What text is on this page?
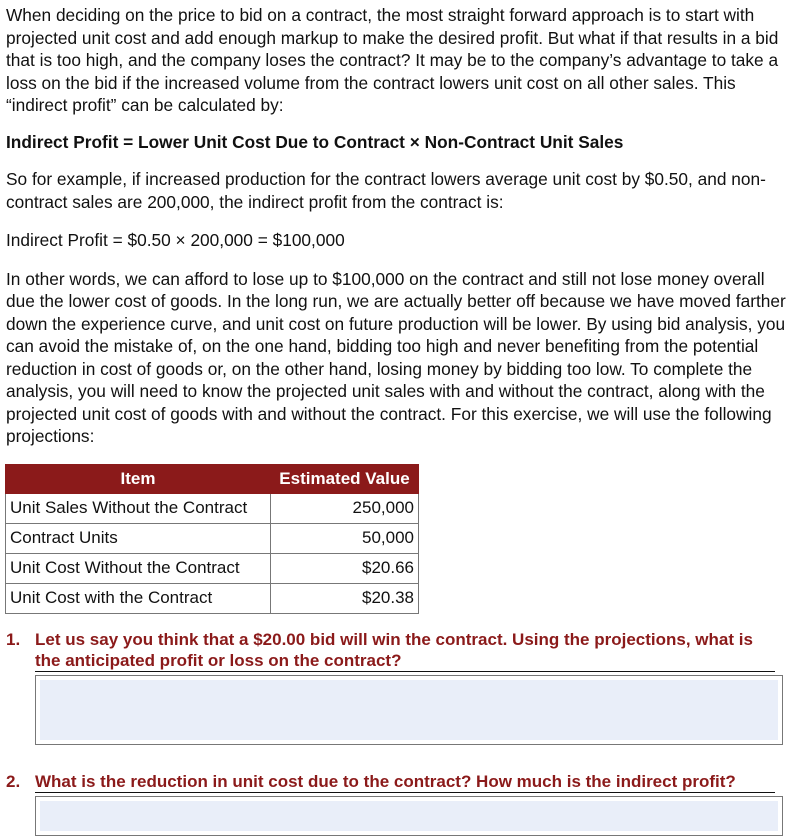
When deciding on the price to bid on a contract, the most straight forward approach is to start with projected unit cost and add enough markup to make the desired profit. But what if that results in a bid that is too high, and the company loses the contract? It may be to the company’s advantage to take a loss on the bid if the increased volume from the contract lowers unit cost on all other sales. This “indirect profit” can be calculated by:

Indirect Profit = Lower Unit Cost Due to Contract × Non-Contract Unit Sales

So for example, if increased production for the contract lowers average unit cost by $0.50, and non-contract sales are 200,000, the indirect profit from the contract is:

Indirect Profit = $0.50 × 200,000 = $100,000

In other words, we can afford to lose up to $100,000 on the contract and still not lose money overall due the lower cost of goods. In the long run, we are actually better off because we have moved farther down the experience curve, and unit cost on future production will be lower. By using bid analysis, you can avoid the mistake of, on the one hand, bidding too high and never benefiting from the potential reduction in cost of goods or, on the other hand, losing money by bidding too low. To complete the analysis, you will need to know the projected unit sales with and without the contract, along with the projected unit cost of goods with and without the contract. For this exercise, we will use the following projections:

Item	Estimated Value
Unit Sales Without the Contract	250,000
Contract Units	50,000
Unit Cost Without the Contract	$20.66
Unit Cost with the Contract	$20.38
1. Let us say you think that a $20.00 bid will win the contract. Using the projections, what is the anticipated profit or loss on the contract?
2. What is the reduction in unit cost due to the contract? How much is the indirect profit?
